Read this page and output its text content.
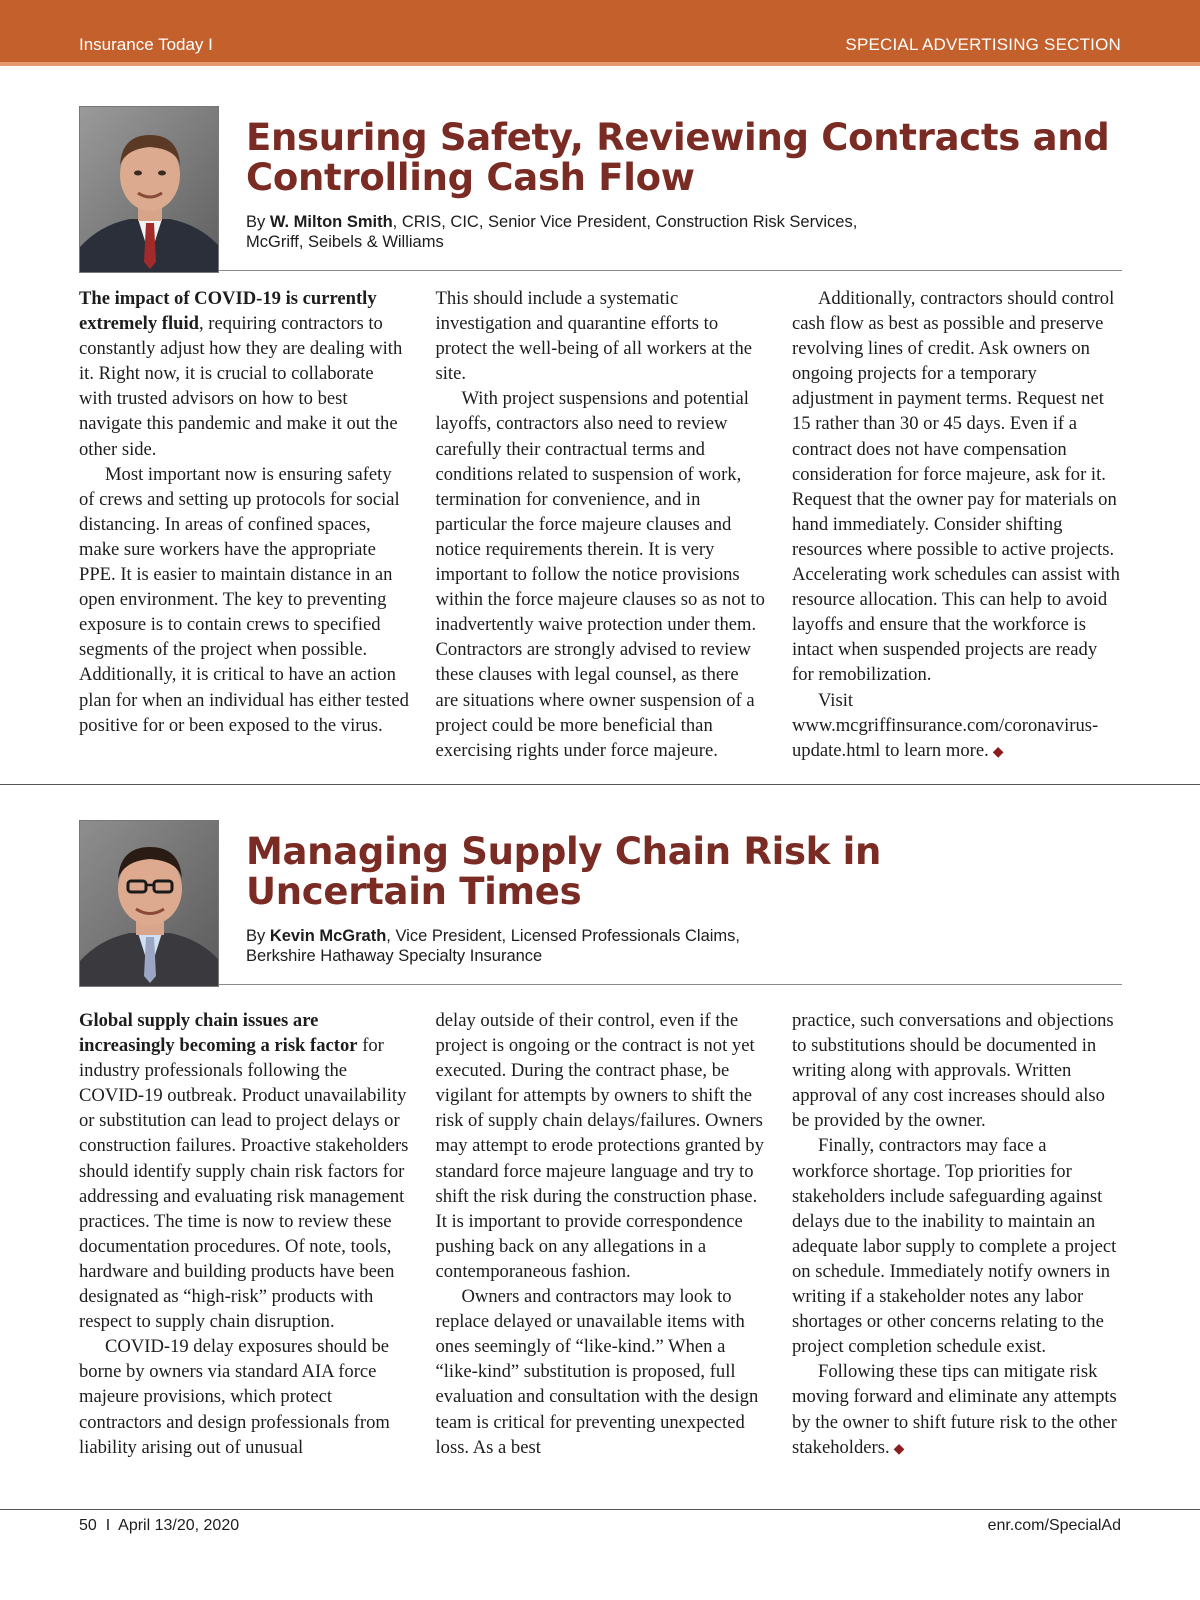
Insurance Today I	SPECIAL ADVERTISING SECTION
Ensuring Safety, Reviewing Contracts and
Controlling Cash Flow
By W. Milton Smith, CRIS, CIC, Senior Vice President, Construction Risk Services,
McGriff, Seibels & Williams

The impact of COVID-19 is currently extremely fluid, requiring contractors to constantly adjust how they are dealing with it. Right now, it is crucial to collaborate with trusted advisors on how to best navigate this pandemic and make it out the other side.

Most important now is ensuring safety of crews and setting up protocols for social distancing. In areas of confined spaces, make sure workers have the appropriate PPE. It is easier to maintain distance in an open environment. The key to preventing exposure is to contain crews to specified segments of the project when possible. Additionally, it is critical to have an action plan for when an individual has either tested positive for or been exposed to the virus.

This should include a systematic investigation and quarantine efforts to protect the well-being of all workers at the site.

With project suspensions and potential layoffs, contractors also need to review carefully their contractual terms and conditions related to suspension of work, termination for convenience, and in particular the force majeure clauses and notice requirements therein. It is very important to follow the notice provisions within the force majeure clauses so as not to inadvertently waive protection under them. Contractors are strongly advised to review these clauses with legal counsel, as there are situations where owner suspension of a project could be more beneficial than exercising rights under force majeure.

Additionally, contractors should control cash flow as best as possible and preserve revolving lines of credit. Ask owners on ongoing projects for a temporary adjustment in payment terms. Request net 15 rather than 30 or 45 days. Even if a contract does not have compensation consideration for force majeure, ask for it. Request that the owner pay for materials on hand immediately. Consider shifting resources where possible to active projects. Accelerating work schedules can assist with resource allocation. This can help to avoid layoffs and ensure that the workforce is intact when suspended projects are ready for remobilization.

Visit www.mcgriffinsurance.com/coronavirus-update.html to learn more. ◆

Managing Supply Chain Risk in
Uncertain Times
By Kevin McGrath, Vice President, Licensed Professionals Claims,
Berkshire Hathaway Specialty Insurance

Global supply chain issues are increasingly becoming a risk factor for industry professionals following the COVID-19 outbreak. Product unavailability or substitution can lead to project delays or construction failures. Proactive stakeholders should identify supply chain risk factors for addressing and evaluating risk management practices. The time is now to review these documentation procedures. Of note, tools, hardware and building products have been designated as “high-risk” products with respect to supply chain disruption.

COVID-19 delay exposures should be borne by owners via standard AIA force majeure provisions, which protect contractors and design professionals from liability arising out of unusual

delay outside of their control, even if the project is ongoing or the contract is not yet executed. During the contract phase, be vigilant for attempts by owners to shift the risk of supply chain delays/failures. Owners may attempt to erode protections granted by standard force majeure language and try to shift the risk during the construction phase. It is important to provide correspondence pushing back on any allegations in a contemporaneous fashion.

Owners and contractors may look to replace delayed or unavailable items with ones seemingly of “like-kind.” When a “like-kind” substitution is proposed, full evaluation and consultation with the design team is critical for preventing unexpected loss. As a best

practice, such conversations and objections to substitutions should be documented in writing along with approvals. Written approval of any cost increases should also be provided by the owner.

Finally, contractors may face a workforce shortage. Top priorities for stakeholders include safeguarding against delays due to the inability to maintain an adequate labor supply to complete a project on schedule. Immediately notify owners in writing if a stakeholder notes any labor shortages or other concerns relating to the project completion schedule exist.

Following these tips can mitigate risk moving forward and eliminate any attempts by the owner to shift future risk to the other stakeholders. ◆

50  I  April 13/20, 2020	enr.com/SpecialAd
